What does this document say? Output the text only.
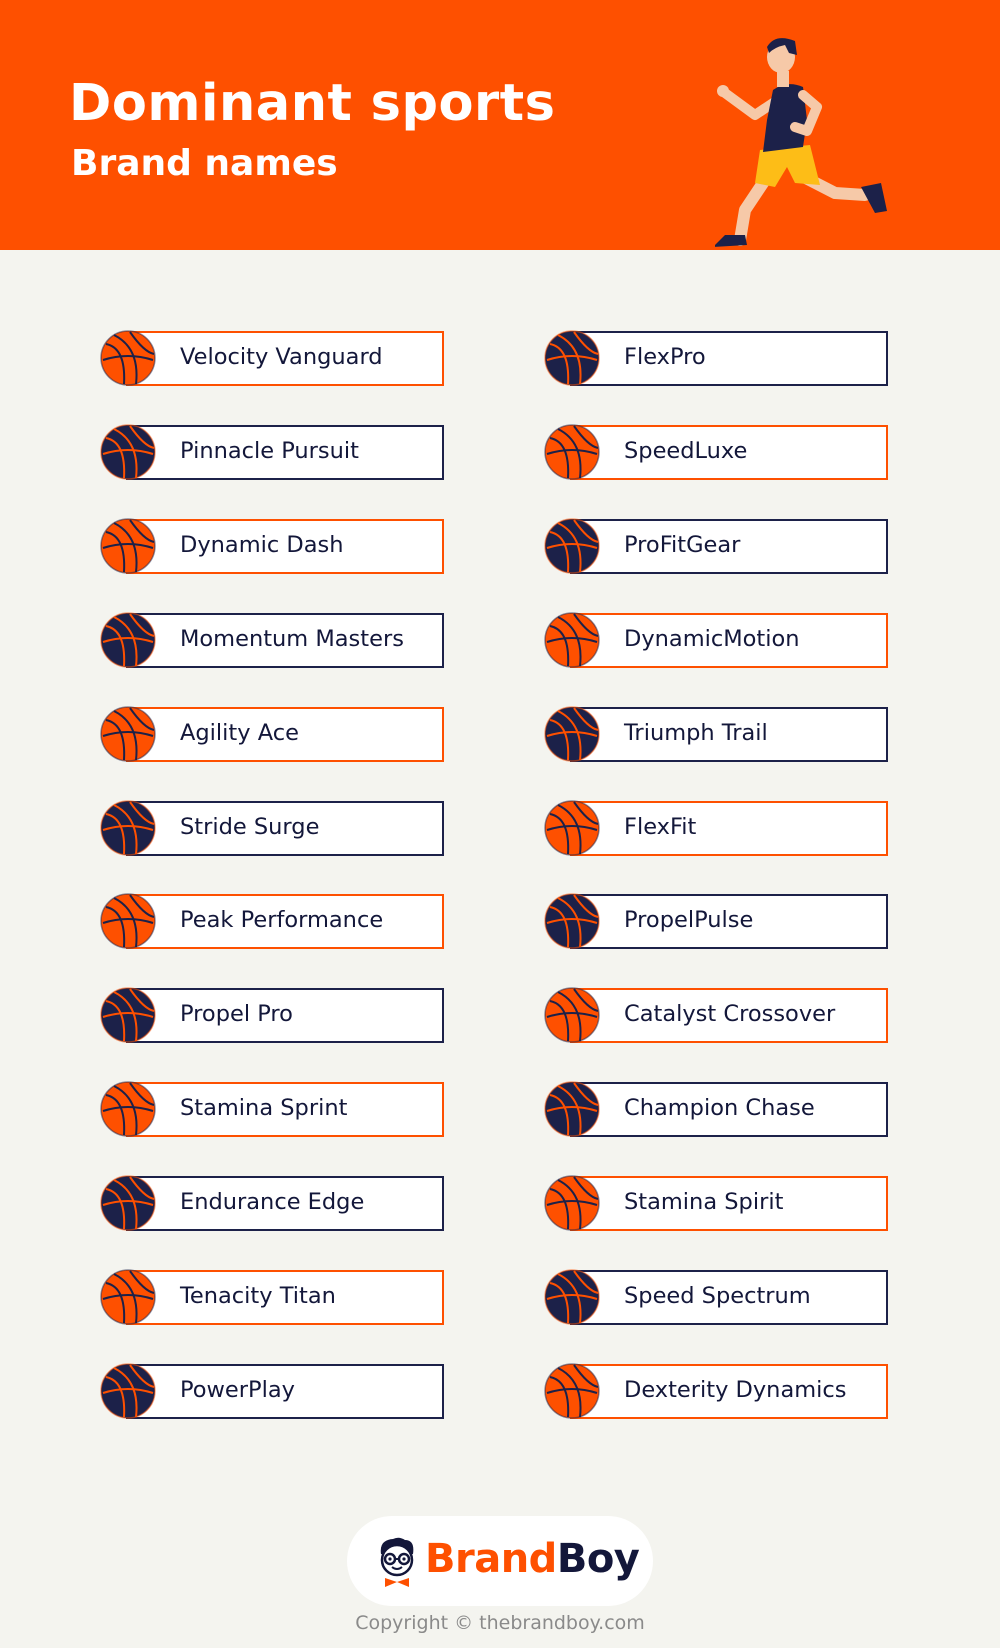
Dominant sports
Brand names
Velocity Vanguard
Pinnacle Pursuit
Dynamic Dash
Momentum Masters
Agility Ace
Stride Surge
Peak Performance
Propel Pro
Stamina Sprint
Endurance Edge
Tenacity Titan
PowerPlay
FlexPro
SpeedLuxe
ProFitGear
DynamicMotion
Triumph Trail
FlexFit
PropelPulse
Catalyst Crossover
Champion Chase
Stamina Spirit
Speed Spectrum
Dexterity Dynamics
BrandBoy
Copyright © thebrandboy.com
